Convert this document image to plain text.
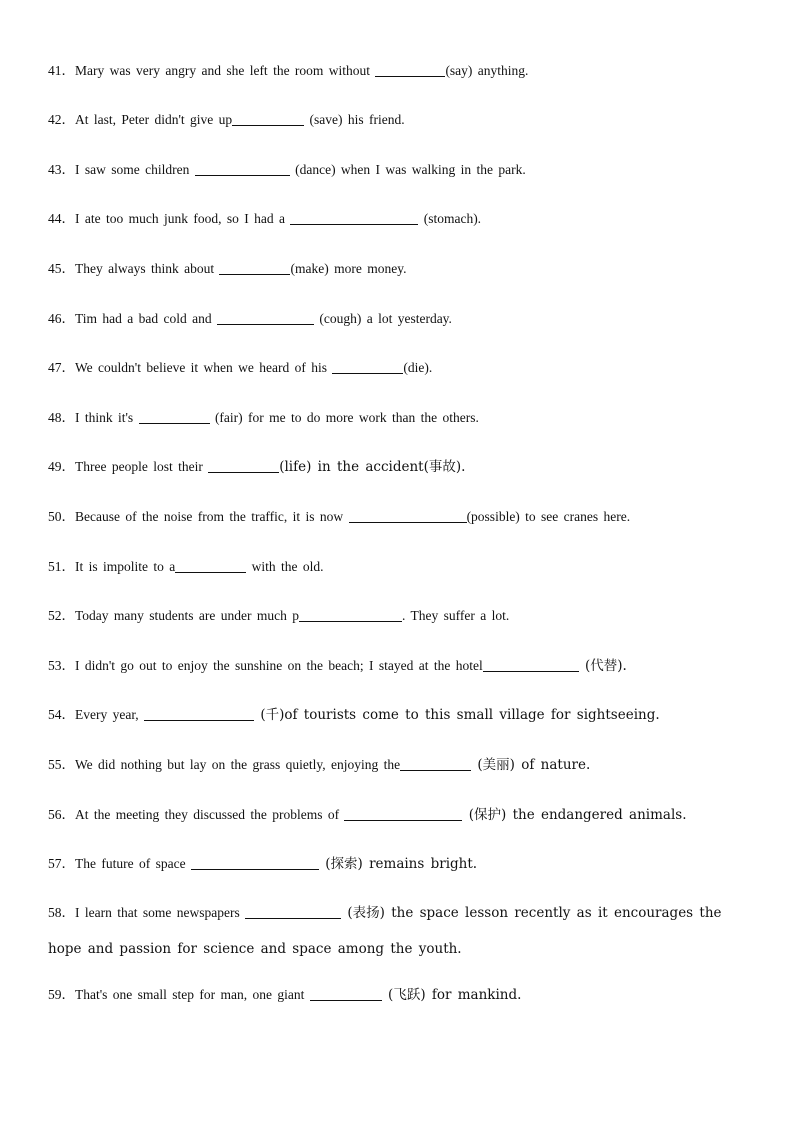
41．Mary was very angry and she left the room without	(say) anything.
42．At last, Peter didn't give up	(save) his friend.
43．I saw some children	(dance) when I was walking in the park.
44．I ate too much junk food, so I had a	(stomach).
45．They always think about	(make) more money.
46．Tim had a bad cold and	(cough) a lot yesterday.
47．We couldn't believe it when we heard of his	(die).
48．I think it's	(fair) for me to do more work than the others.
49．Three people lost their	(life) in the accident(事故).
50．Because of the noise from the traffic, it is now	(possible) to see cranes here.
51．It is impolite to a	with the old.
52．Today many students are under much p	. They suffer a lot.
53．I didn't go out to enjoy the sunshine on the beach; I stayed at the hotel	(代替).
54．Every year,	(千)of tourists come to this small village for sightseeing.
55．We did nothing but lay on the grass quietly, enjoying the	(美丽) of nature.
56．At the meeting they discussed the problems of	(保护) the endangered animals.
57．The future of space	(探索) remains bright.
58．I learn that some newspapers	(表扬) the space lesson recently as it encourages the hope and passion for science and space among the youth.
59．That's one small step for man, one giant	(飞跃) for mankind.
